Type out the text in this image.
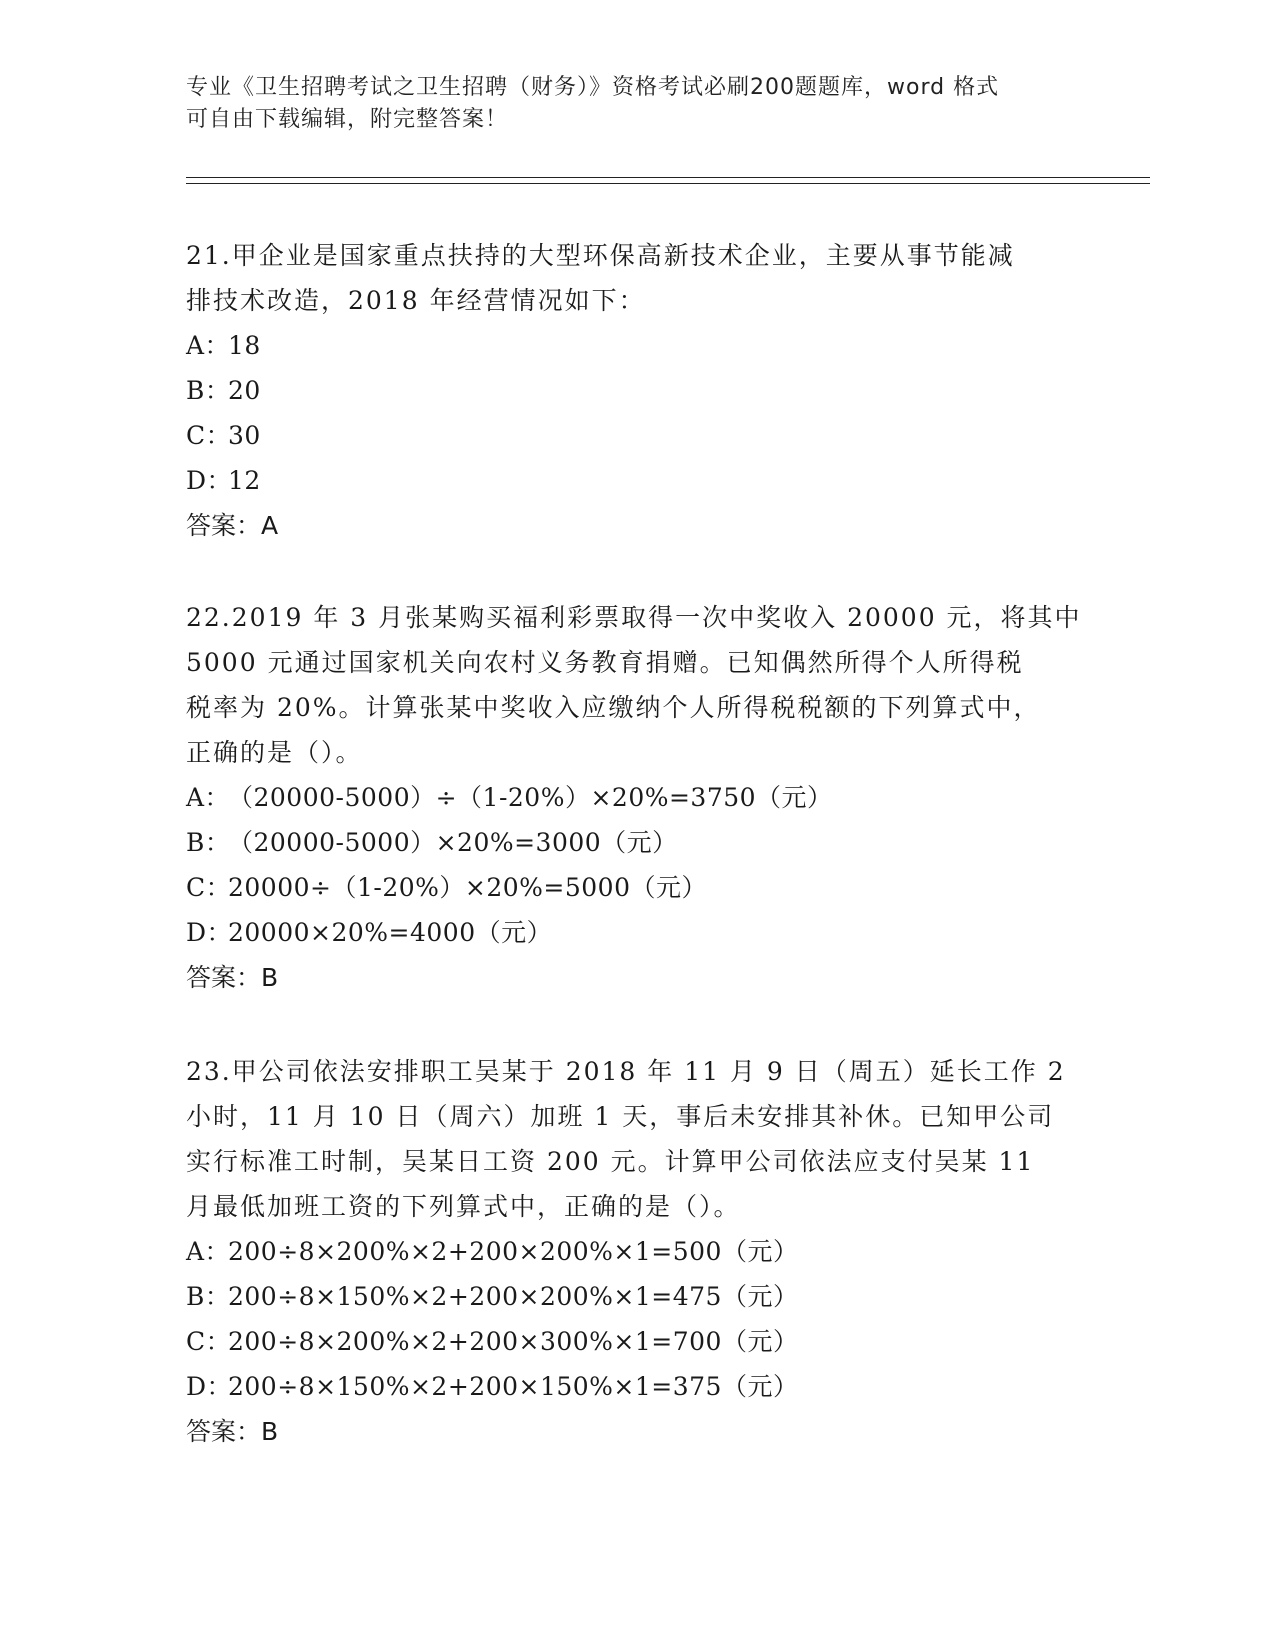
专业《卫生招聘考试之卫生招聘（财务）》资格考试必刷200题题库，word 格式
可自由下载编辑，附完整答案！
21.甲企业是国家重点扶持的大型环保高新技术企业，主要从事节能减
排技术改造，2018 年经营情况如下：
A：18
B：20
C：30
D：12
答案：A
22.2019 年 3 月张某购买福利彩票取得一次中奖收入 20000 元，将其中
5000 元通过国家机关向农村义务教育捐赠。已知偶然所得个人所得税
税率为 20%。计算张某中奖收入应缴纳个人所得税税额的下列算式中，
正确的是（）。
A：（20000-5000）÷（1-20%）×20%=3750（元）
B：（20000-5000）×20%=3000（元）
C：20000÷（1-20%）×20%=5000（元）
D：20000×20%=4000（元）
答案：B
23.甲公司依法安排职工吴某于 2018 年 11 月 9 日（周五）延长工作 2
小时，11 月 10 日（周六）加班 1 天，事后未安排其补休。已知甲公司
实行标准工时制，吴某日工资 200 元。计算甲公司依法应支付吴某 11
月最低加班工资的下列算式中，正确的是（）。
A：200÷8×200%×2+200×200%×1=500（元）
B：200÷8×150%×2+200×200%×1=475（元）
C：200÷8×200%×2+200×300%×1=700（元）
D：200÷8×150%×2+200×150%×1=375（元）
答案：B
